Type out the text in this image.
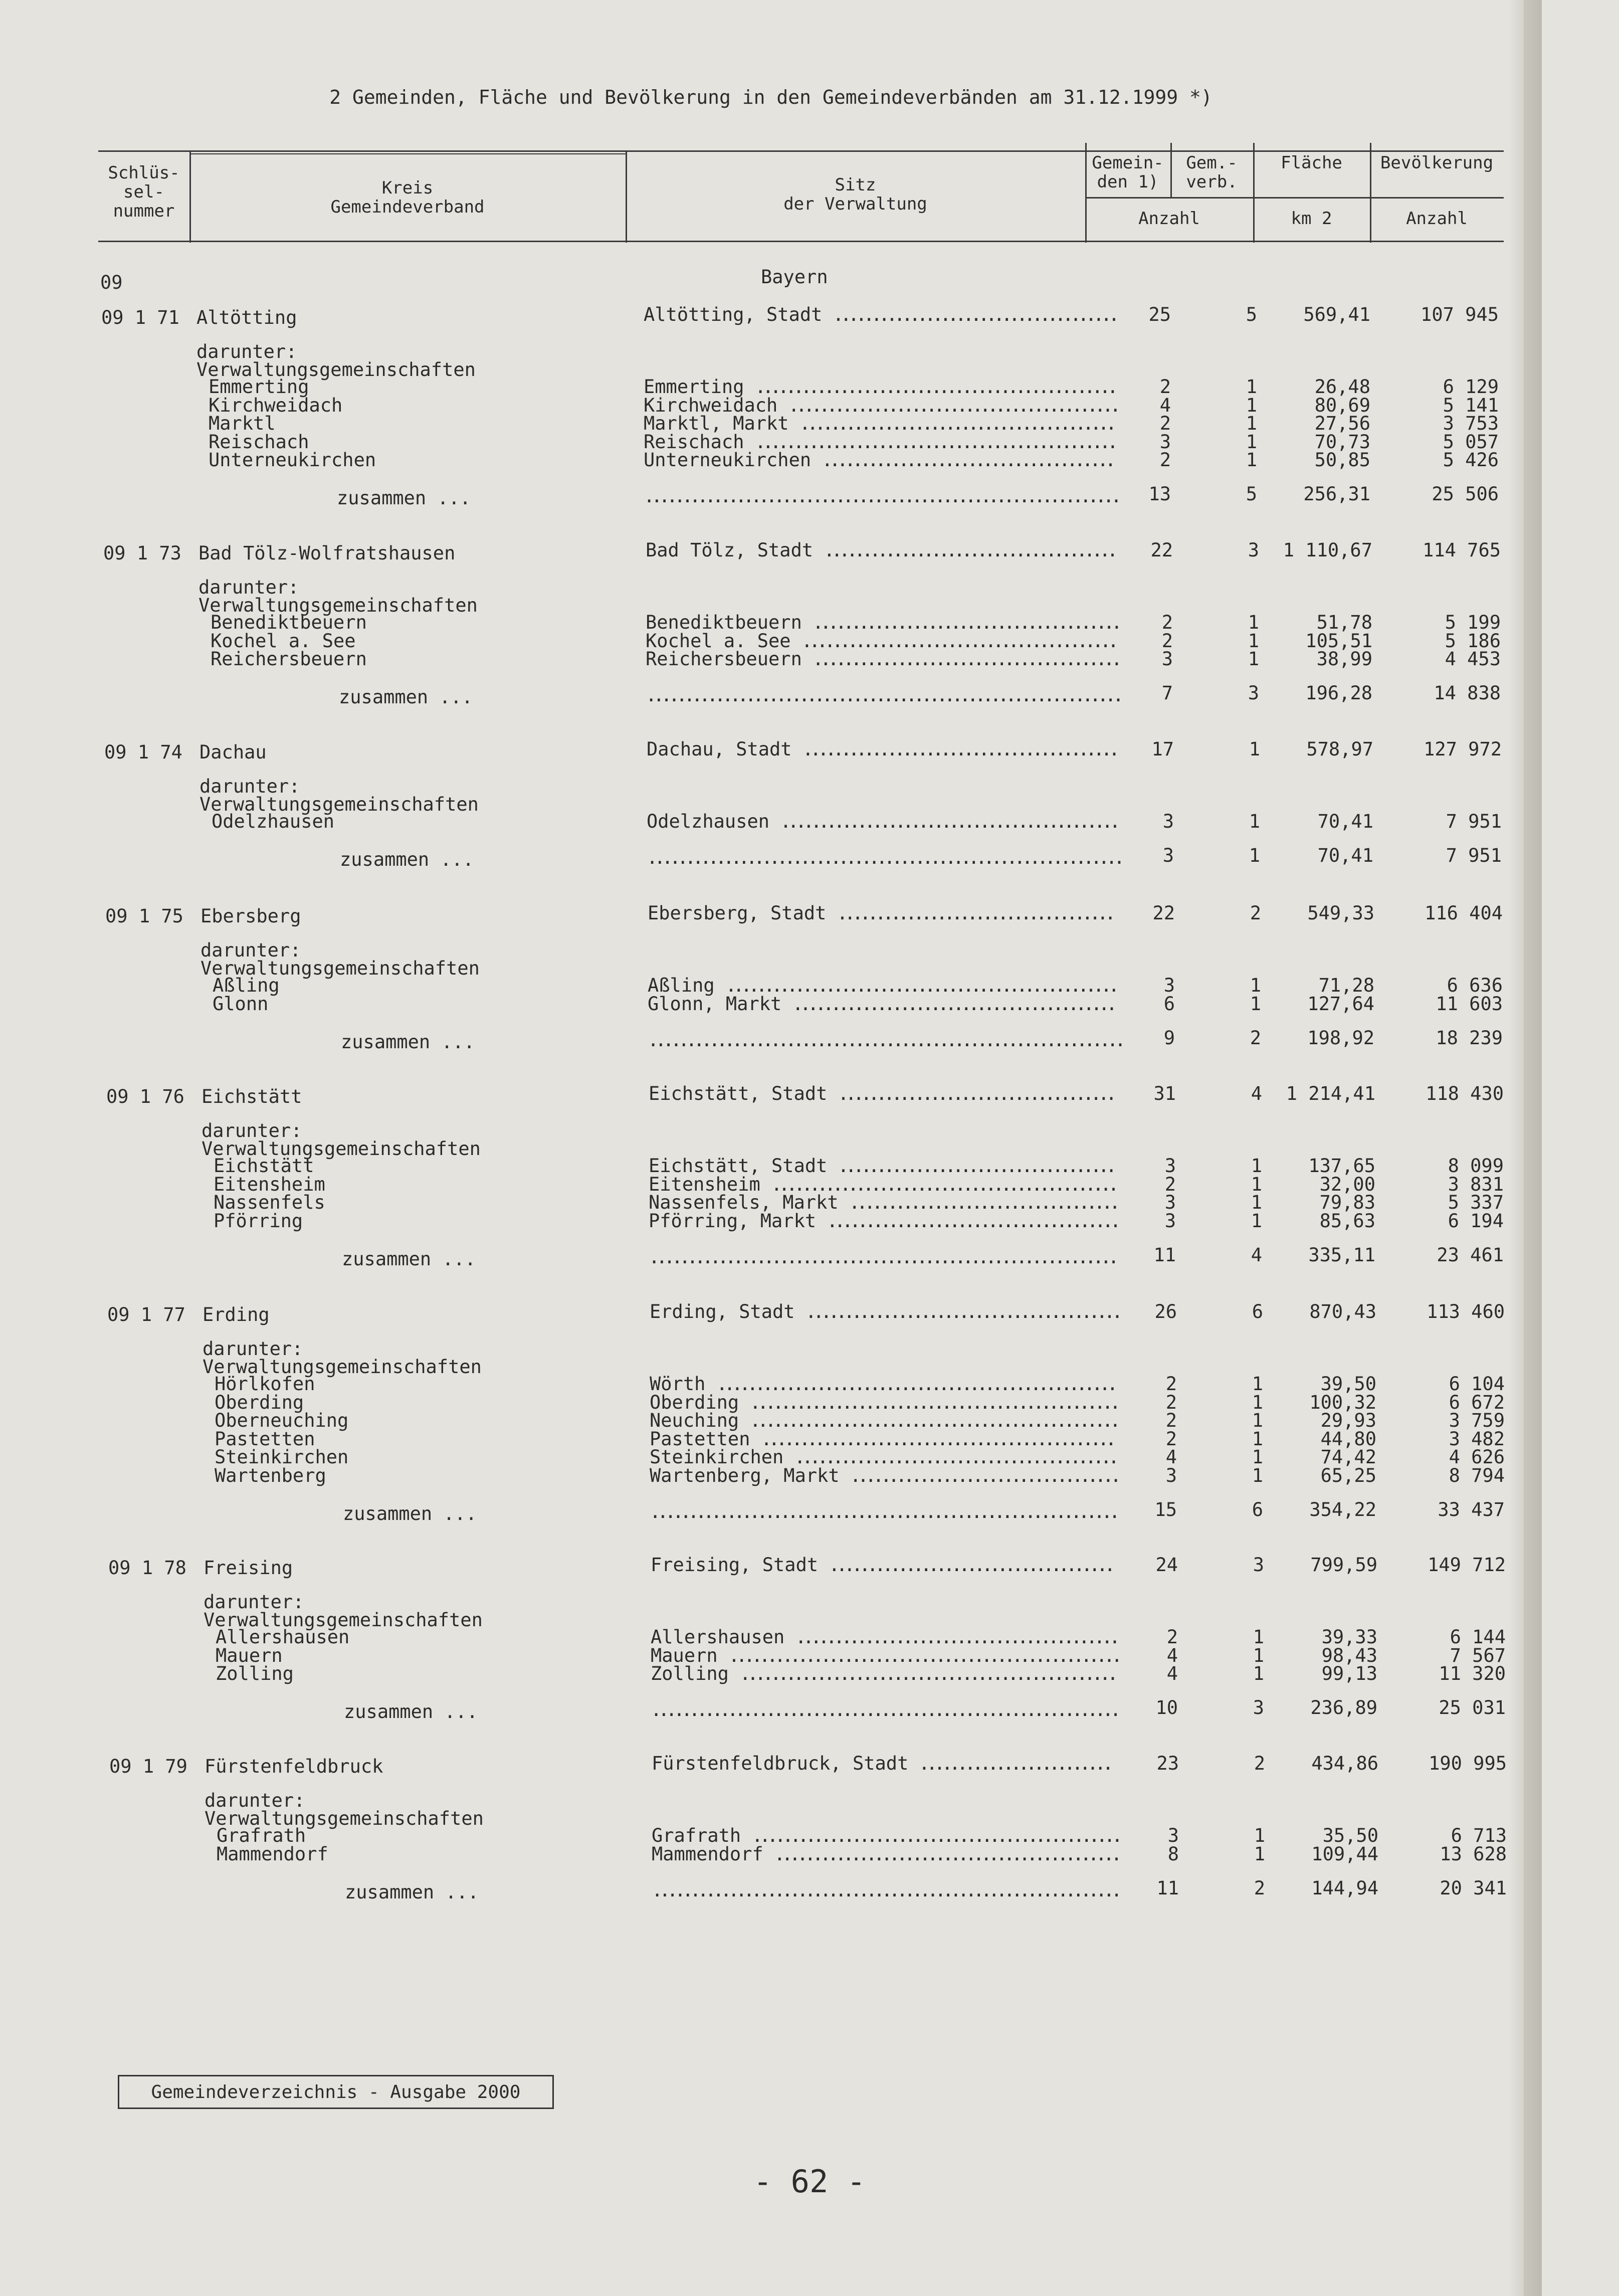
2 Gemeinden, Fläche und Bevölkerung in den Gemeindeverbänden am 31.12.1999 *)
Schlüs-
sel-
nummer
Kreis
Gemeindeverband
Sitz
der Verwaltung
Gemein-
den 1)
Gem.-
verb.
Fläche	Bevölkerung
Anzahl	km 2	Anzahl
09	Bayern
09 1 71 Altötting	Altötting, Stadt .....................................	25	5	569,41	107 945
darunter:
Verwaltungsgemeinschaften
Emmerting	Emmerting ...............................................	2	1	26,48	6 129
Kirchweidach	Kirchweidach ...........................................	4	1	80,69	5 141
Marktl	Marktl, Markt .........................................	2	1	27,56	3 753
Reischach	Reischach ...............................................	3	1	70,73	5 057
Unterneukirchen	Unterneukirchen ......................................	2	1	50,85	5 426
zusammen ...	..............................................................	13	5	256,31	25 506
09 1 73 Bad Tölz-Wolfratshausen	Bad Tölz, Stadt ......................................	22	3	1 110,67	114 765
darunter:
Verwaltungsgemeinschaften
Benediktbeuern	Benediktbeuern ........................................	2	1	51,78	5 199
Kochel a. See	Kochel a. See .........................................	2	1	105,51	5 186
Reichersbeuern	Reichersbeuern ........................................	3	1	38,99	4 453
zusammen ...	..............................................................	7	3	196,28	14 838
09 1 74 Dachau	Dachau, Stadt .........................................	17	1	578,97	127 972
darunter:
Verwaltungsgemeinschaften
Odelzhausen	Odelzhausen ............................................	3	1	70,41	7 951
zusammen ...	..............................................................	3	1	70,41	7 951
09 1 75 Ebersberg	Ebersberg, Stadt ....................................	22	2	549,33	116 404
darunter:
Verwaltungsgemeinschaften
Aßling	Aßling ...................................................	3	1	71,28	6 636
Glonn	Glonn, Markt ..........................................	6	1	127,64	11 603
zusammen ...	..............................................................	9	2	198,92	18 239
09 1 76 Eichstätt	Eichstätt, Stadt ....................................	31	4	1 214,41	118 430
darunter:
Verwaltungsgemeinschaften
Eichstätt	Eichstätt, Stadt ....................................	3	1	137,65	8 099
Eitensheim	Eitensheim .............................................	2	1	32,00	3 831
Nassenfels	Nassenfels, Markt ...................................	3	1	79,83	5 337
Pförring	Pförring, Markt ......................................	3	1	85,63	6 194
zusammen ...	.............................................................	11	4	335,11	23 461
09 1 77 Erding	Erding, Stadt .........................................	26	6	870,43	113 460
darunter:
Verwaltungsgemeinschaften
Hörlkofen	Wörth ....................................................	2	1	39,50	6 104
Oberding	Oberding ................................................	2	1	100,32	6 672
Oberneuching	Neuching ................................................	2	1	29,93	3 759
Pastetten	Pastetten ..............................................	2	1	44,80	3 482
Steinkirchen	Steinkirchen ..........................................	4	1	74,42	4 626
Wartenberg	Wartenberg, Markt ...................................	3	1	65,25	8 794
zusammen ...	.............................................................	15	6	354,22	33 437
09 1 78 Freising	Freising, Stadt .....................................	24	3	799,59	149 712
darunter:
Verwaltungsgemeinschaften
Allershausen	Allershausen ..........................................	2	1	39,33	6 144
Mauern	Mauern ...................................................	4	1	98,43	7 567
Zolling	Zolling .................................................	4	1	99,13	11 320
zusammen ...	.............................................................	10	3	236,89	25 031
09 1 79 Fürstenfeldbruck	Fürstenfeldbruck, Stadt .........................	23	2	434,86	190 995
darunter:
Verwaltungsgemeinschaften
Grafrath	Grafrath ................................................	3	1	35,50	6 713
Mammendorf	Mammendorf .............................................	8	1	109,44	13 628
zusammen ...	.............................................................	11	2	144,94	20 341
Gemeindeverzeichnis - Ausgabe 2000
- 62 -
